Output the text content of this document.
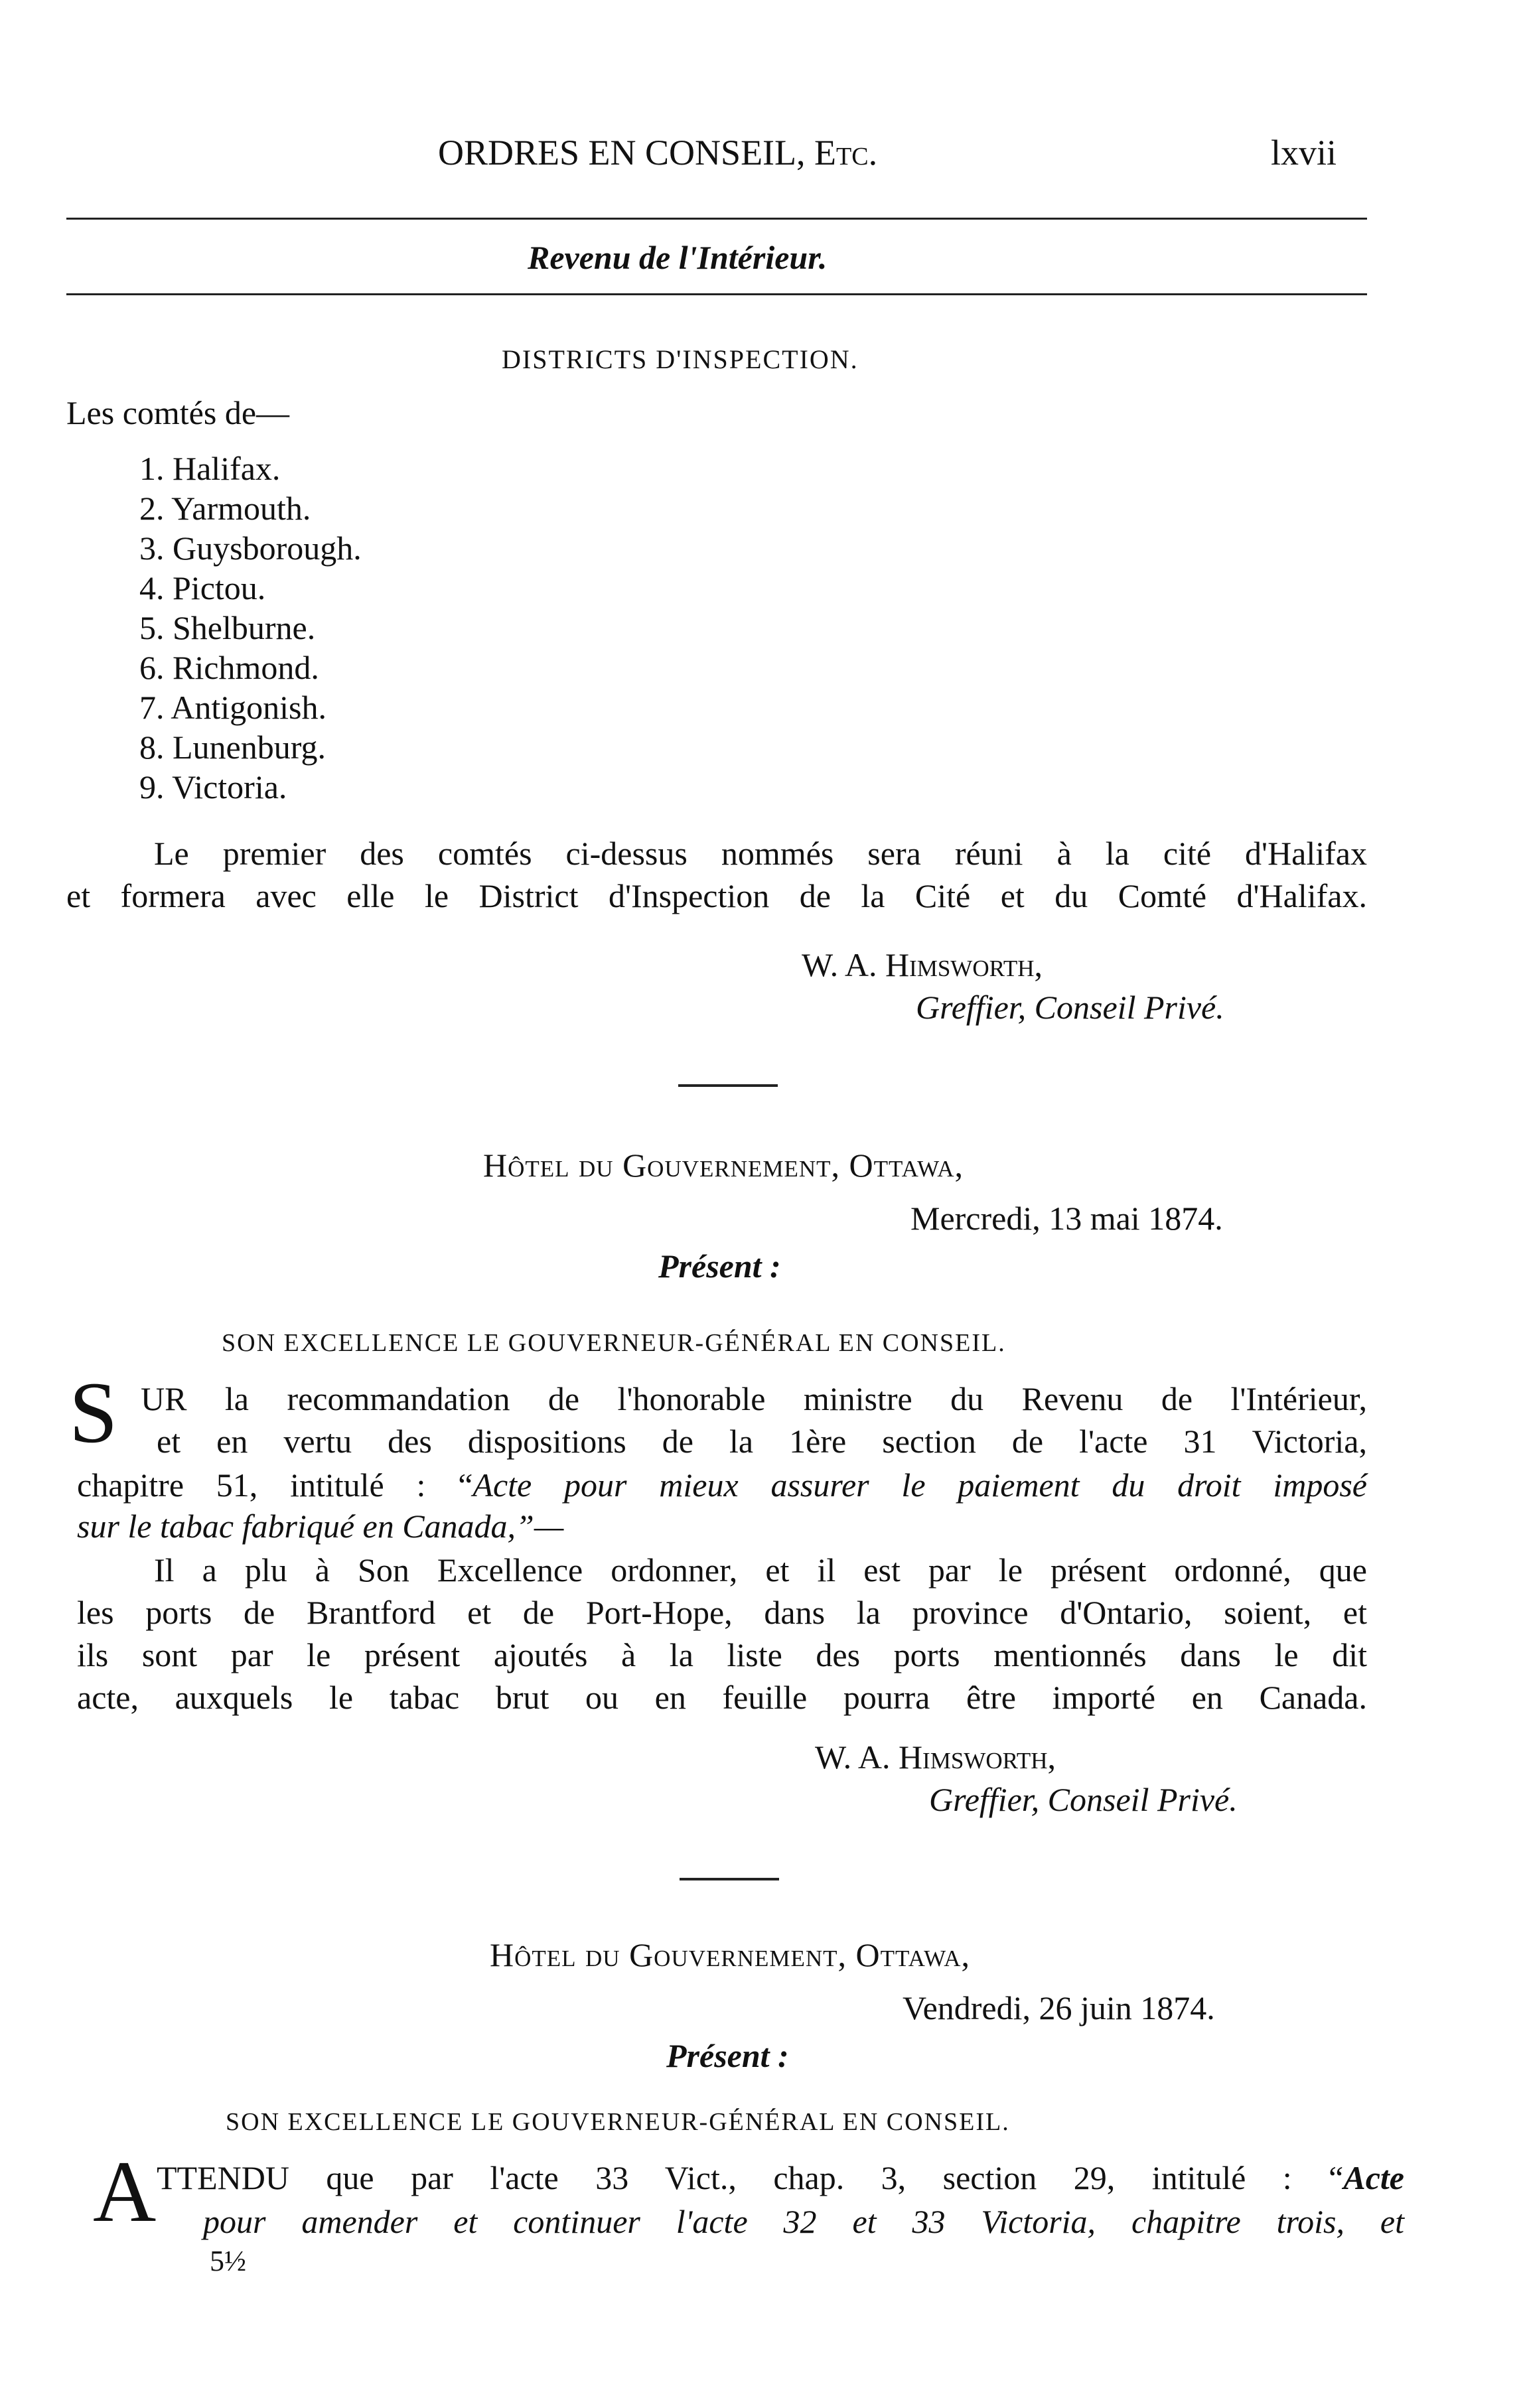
ORDRES EN CONSEIL, Etc.	lxvii
Revenu de l'Intérieur.
DISTRICTS D'INSPECTION.
Les comtés de—
1. Halifax.
2. Yarmouth.
3. Guysborough.
4. Pictou.
5. Shelburne.
6. Richmond.
7. Antigonish.
8. Lunenburg.
9. Victoria.
Le premier des comtés ci-dessus nommés sera réuni à la cité d'Halifax
et formera avec elle le District d'Inspection de la Cité et du Comté d'Halifax.
W. A. Himsworth,
Greffier, Conseil Privé.
Hôtel du Gouvernement, Ottawa,
Mercredi, 13 mai 1874.
Présent :
SON EXCELLENCE LE GOUVERNEUR-GÉNÉRAL EN CONSEIL.
S UR la recommandation de l'honorable ministre du Revenu de l'Intérieur,
et en vertu des dispositions de la 1ère section de l'acte 31 Victoria,
chapitre 51, intitulé : “Acte pour mieux assurer le paiement du droit imposé
sur le tabac fabriqué en Canada,”—
Il a plu à Son Excellence ordonner, et il est par le présent ordonné, que
les ports de Brantford et de Port-Hope, dans la province d'Ontario, soient, et
ils sont par le présent ajoutés à la liste des ports mentionnés dans le dit
acte, auxquels le tabac brut ou en feuille pourra être importé en Canada.
W. A. Himsworth,
Greffier, Conseil Privé.
Hôtel du Gouvernement, Ottawa,
Vendredi, 26 juin 1874.
Présent :
SON EXCELLENCE LE GOUVERNEUR-GÉNÉRAL EN CONSEIL.
A TTENDU que par l'acte 33 Vict., chap. 3, section 29, intitulé : “Acte
pour amender et continuer l'acte 32 et 33 Victoria, chapitre trois, et
5½
